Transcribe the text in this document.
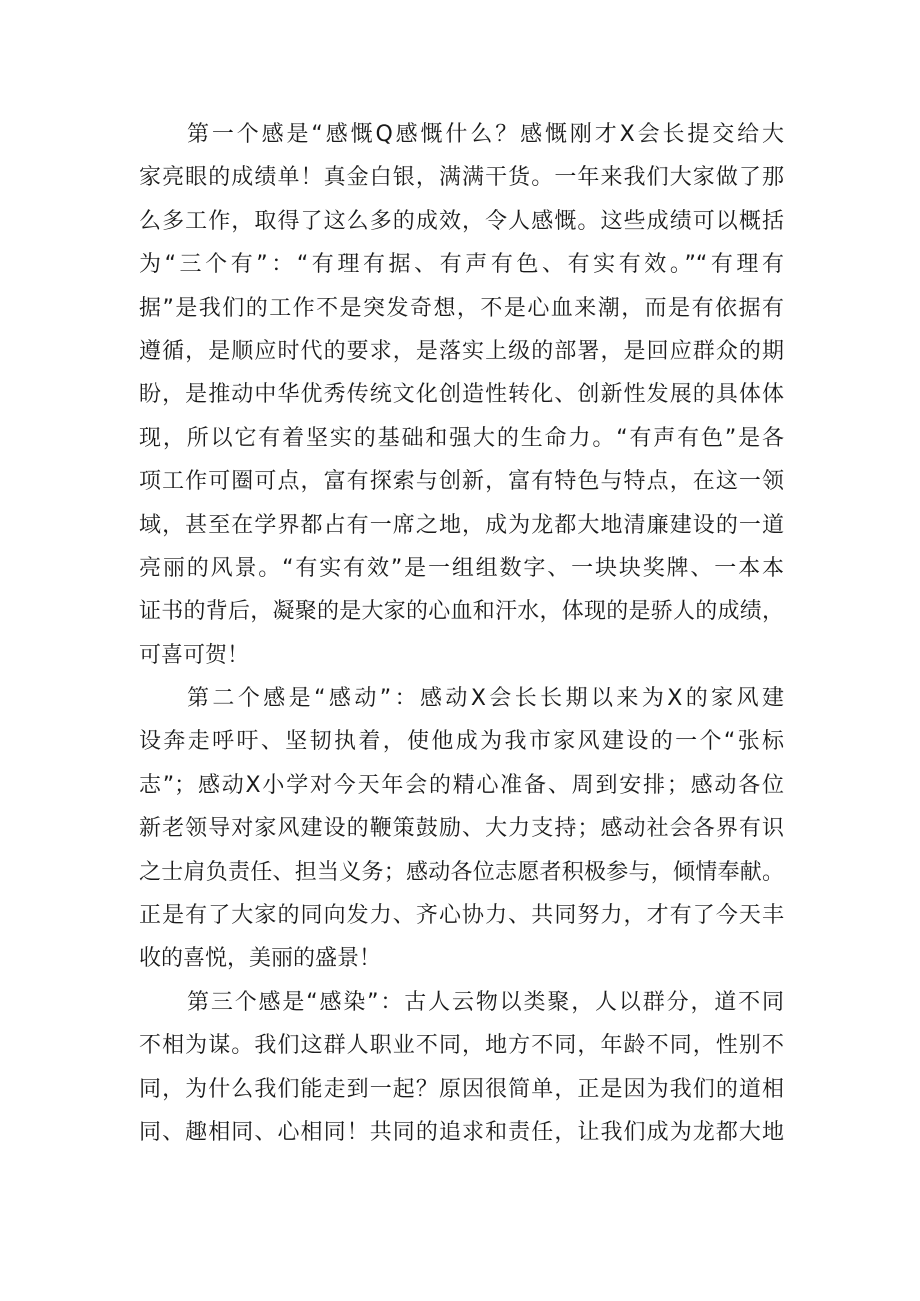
第一个感是“感慨Q感慨什么？感慨刚才X会长提交给大
家亮眼的成绩单！真金白银，满满干货。一年来我们大家做了那
么多工作，取得了这么多的成效，令人感慨。这些成绩可以概括
为“三个有”：“有理有据、有声有色、有实有效。”“有理有
据”是我们的工作不是突发奇想，不是心血来潮，而是有依据有
遵循，是顺应时代的要求，是落实上级的部署，是回应群众的期
盼，是推动中华优秀传统文化创造性转化、创新性发展的具体体
现，所以它有着坚实的基础和强大的生命力。“有声有色”是各
项工作可圈可点，富有探索与创新，富有特色与特点，在这一领
域，甚至在学界都占有一席之地，成为龙都大地清廉建设的一道
亮丽的风景。“有实有效”是一组组数字、一块块奖牌、一本本
证书的背后，凝聚的是大家的心血和汗水，体现的是骄人的成绩，
可喜可贺！
第二个感是“感动”：感动X会长长期以来为X的家风建
设奔走呼吁、坚韧执着，使他成为我市家风建设的一个“张标
志”；感动X小学对今天年会的精心准备、周到安排；感动各位
新老领导对家风建设的鞭策鼓励、大力支持；感动社会各界有识
之士肩负责任、担当义务；感动各位志愿者积极参与，倾情奉献。
正是有了大家的同向发力、齐心协力、共同努力，才有了今天丰
收的喜悦，美丽的盛景！
第三个感是“感染”：古人云物以类聚，人以群分，道不同
不相为谋。我们这群人职业不同，地方不同，年龄不同，性别不
同，为什么我们能走到一起？原因很简单，正是因为我们的道相
同、趣相同、心相同！共同的追求和责任，让我们成为龙都大地
